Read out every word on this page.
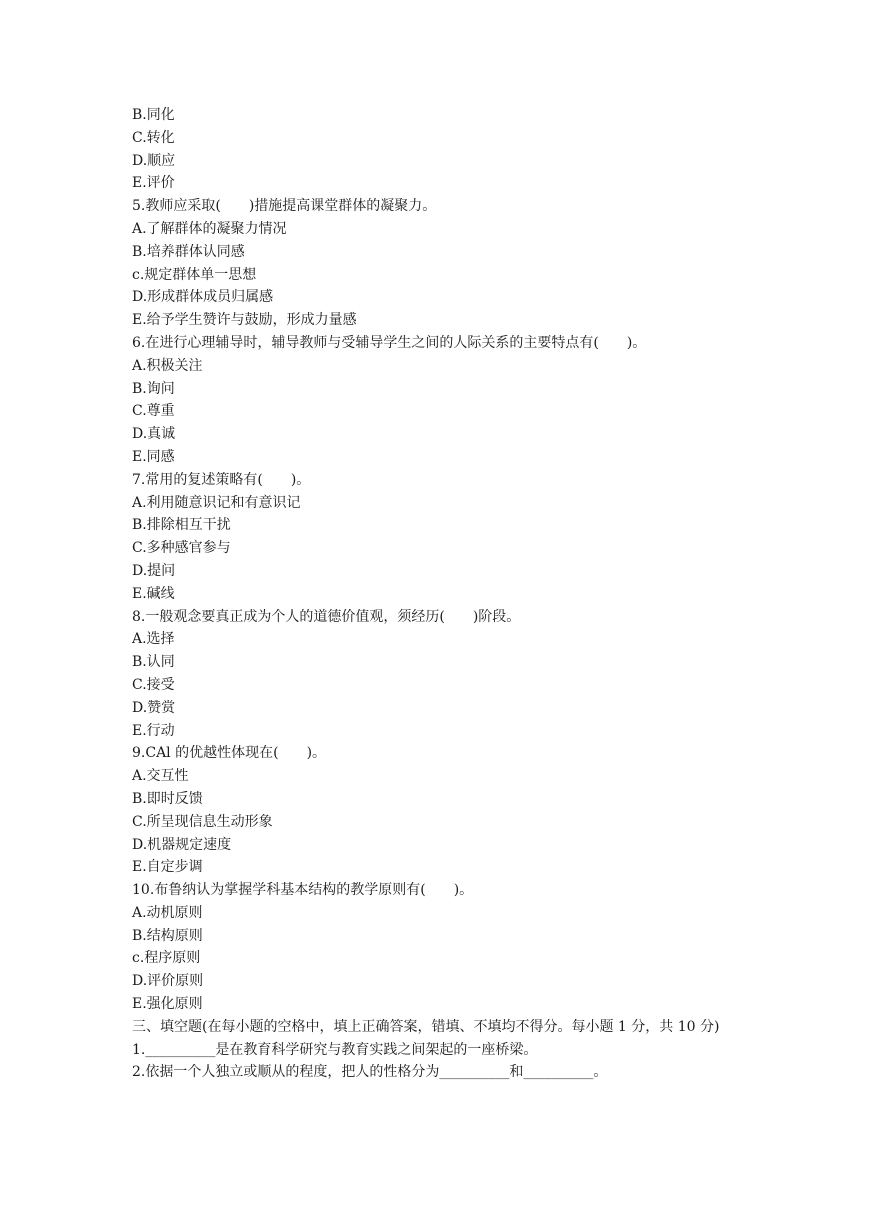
B.同化
C.转化
D.顺应
E.评价
5.教师应采取(　　)措施提高课堂群体的凝聚力。
A.了解群体的凝聚力情况
B.培养群体认同感
c.规定群体单一思想
D.形成群体成员归属感
E.给予学生赞许与鼓励，形成力量感
6.在进行心理辅导时，辅导教师与受辅导学生之间的人际关系的主要特点有(　　)。
A.积极关注
B.询问
C.尊重
D.真诚
E.同感
7.常用的复述策略有(　　)。
A.利用随意识记和有意识记
B.排除相互干扰
C.多种感官参与
D.提问
E.碱线
8.一般观念要真正成为个人的道德价值观，须经历(　　)阶段。
A.选择
B.认同
C.接受
D.赞赏
E.行动
9.CAl 的优越性体现在(　　)。
A.交互性
B.即时反馈
C.所呈现信息生动形象
D.机器规定速度
E.自定步调
10.布鲁纳认为掌握学科基本结构的教学原则有(　　)。
A.动机原则
B.结构原则
c.程序原则
D.评价原则
E.强化原则
三、填空题(在每小题的空格中，填上正确答案，错填、不填均不得分。每小题 1 分，共 10 分)
1.__________是在教育科学研究与教育实践之间架起的一座桥梁。
2.依据一个人独立或顺从的程度，把人的性格分为__________和__________。
